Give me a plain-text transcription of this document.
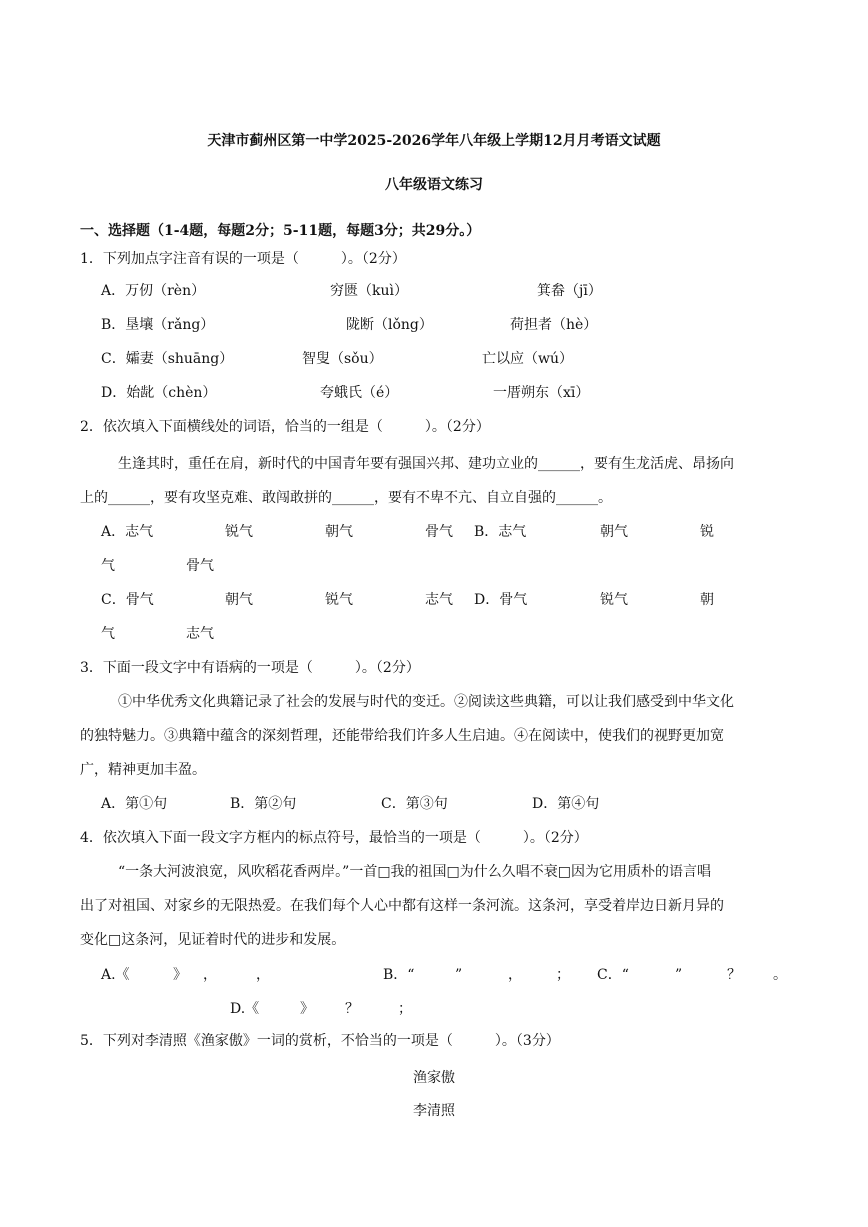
天津市蓟州区第一中学2025-2026学年八年级上学期12月月考语文试题
八年级语文练习
一、选择题（1-4题，每题2分；5-11题，每题3分；共29分。）
1．下列加点字注音有误的一项是（　　　）。（2分）
A．万仞（rèn）	穷匮（kuì）	箕畚（jī）
B．垦壤（rǎng）	陇断（lǒng）	荷担者（hè）
C．孀妻（shuāng）	智叟（sǒu）	亡以应（wú）
D．始龀（chèn）	夸蛾氏（é）	一厝朔东（xī）
2．依次填入下面横线处的词语，恰当的一组是（　　　）。（2分）
生逢其时，重任在肩，新时代的中国青年要有强国兴邦、建功立业的______，要有生龙活虎、昂扬向
上的______，要有攻坚克难、敢闯敢拼的______，要有不卑不亢、自立自强的______。
A．志气	锐气	朝气	骨气 B．志气	朝气	锐
气	骨气
C．骨气	朝气	锐气	志气 D．骨气	锐气	朝
气	志气
3．下面一段文字中有语病的一项是（　　　）。（2分）
①中华优秀文化典籍记录了社会的发展与时代的变迁。②阅读这些典籍，可以让我们感受到中华文化
的独特魅力。③典籍中蕴含的深刻哲理，还能带给我们许多人生启迪。④在阅读中，使我们的视野更加宽
广，精神更加丰盈。
A．第①句	B．第②句	C．第③句	D．第④句
4．依次填入下面一段文字方框内的标点符号，最恰当的一项是（　　　）。（2分）
“一条大河波浪宽，风吹稻花香两岸。”一首□我的祖国□为什么久唱不衰□因为它用质朴的语言唱
出了对祖国、对家乡的无限热爱。在我们每个人心中都有这样一条河流。这条河，享受着岸边日新月异的
变化□这条河，见证着时代的进步和发展。
A.《	》 ，	，	B．“	”	， ； C．“	”	？ 。
D.《	》 ？	；
5．下列对李清照《渔家傲》一词的赏析，不恰当的一项是（　　　）。（3分）
渔家傲
李清照
